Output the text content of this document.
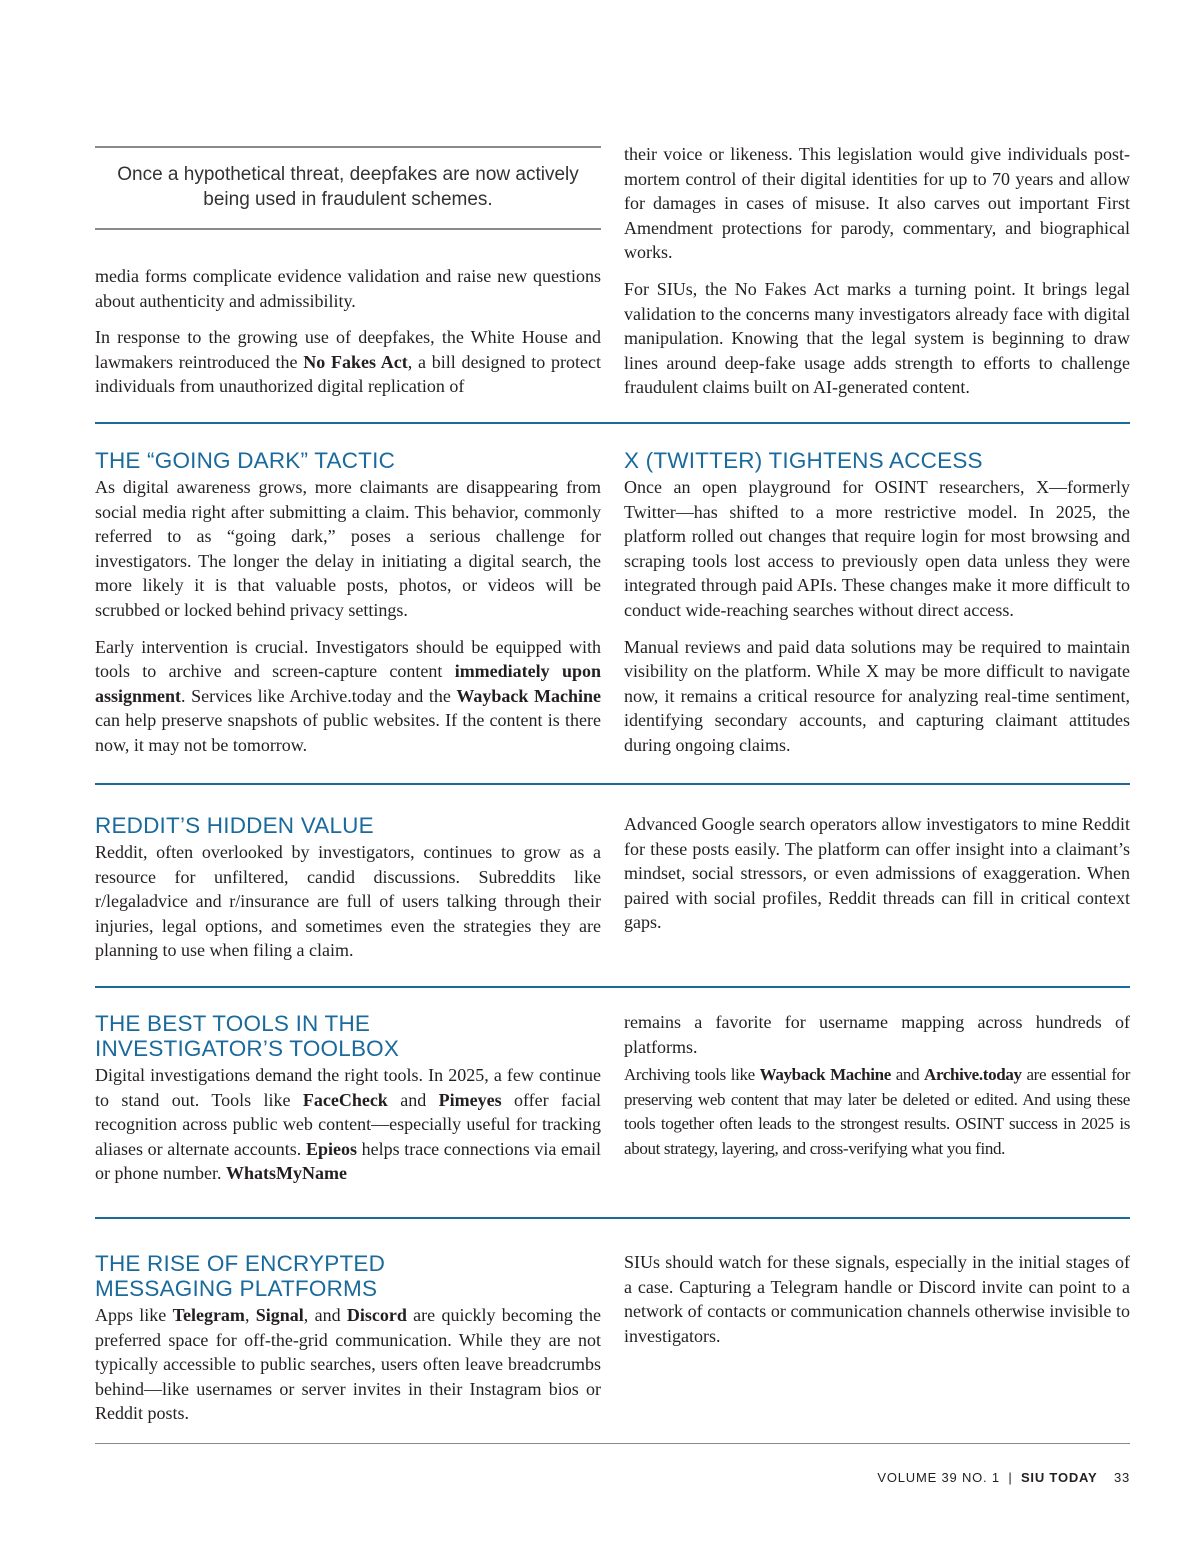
Once a hypothetical threat, deepfakes are now actively being used in fraudulent schemes.

media forms complicate evidence validation and raise new questions about authenticity and admissibility.

In response to the growing use of deepfakes, the White House and lawmakers reintroduced the No Fakes Act, a bill designed to protect individuals from unauthorized digital replication of

their voice or likeness. This legislation would give individuals post-mortem control of their digital identities for up to 70 years and allow for damages in cases of misuse. It also carves out important First Amendment protections for parody, commentary, and biographical works.

For SIUs, the No Fakes Act marks a turning point. It brings legal validation to the concerns many investigators already face with digital manipulation. Knowing that the legal system is beginning to draw lines around deep-fake usage adds strength to efforts to challenge fraudulent claims built on AI-generated content.

THE “GOING DARK” TACTIC

As digital awareness grows, more claimants are disappearing from social media right after submitting a claim. This behavior, commonly referred to as “going dark,” poses a serious challenge for investigators. The longer the delay in initiating a digital search, the more likely it is that valuable posts, photos, or videos will be scrubbed or locked behind privacy settings.

Early intervention is crucial. Investigators should be equipped with tools to archive and screen-capture content immediately upon assignment. Services like Archive.today and the Wayback Machine can help preserve snapshots of public websites. If the content is there now, it may not be tomorrow.

X (TWITTER) TIGHTENS ACCESS

Once an open playground for OSINT researchers, X—formerly Twitter—has shifted to a more restrictive model. In 2025, the platform rolled out changes that require login for most browsing and scraping tools lost access to previously open data unless they were integrated through paid APIs. These changes make it more difficult to conduct wide-reaching searches without direct access.

Manual reviews and paid data solutions may be required to maintain visibility on the platform. While X may be more difficult to navigate now, it remains a critical resource for analyzing real-time sentiment, identifying secondary accounts, and capturing claimant attitudes during ongoing claims.

REDDIT’S HIDDEN VALUE

Reddit, often overlooked by investigators, continues to grow as a resource for unfiltered, candid discussions. Subreddits like r/legaladvice and r/insurance are full of users talking through their injuries, legal options, and sometimes even the strategies they are planning to use when filing a claim.

Advanced Google search operators allow investigators to mine Reddit for these posts easily. The platform can offer insight into a claimant’s mindset, social stressors, or even admissions of exaggeration. When paired with social profiles, Reddit threads can fill in critical context gaps.

THE BEST TOOLS IN THE INVESTIGATOR’S TOOLBOX

Digital investigations demand the right tools. In 2025, a few continue to stand out. Tools like FaceCheck and Pimeyes offer facial recognition across public web content—especially useful for tracking aliases or alternate accounts. Epieos helps trace connections via email or phone number. WhatsMyName

remains a favorite for username mapping across hundreds of platforms.

Archiving tools like Wayback Machine and Archive.today are essential for preserving web content that may later be deleted or edited. And using these tools together often leads to the strongest results. OSINT success in 2025 is about strategy, layering, and cross-verifying what you find.

THE RISE OF ENCRYPTED MESSAGING PLATFORMS

Apps like Telegram, Signal, and Discord are quickly becoming the preferred space for off-the-grid communication. While they are not typically accessible to public searches, users often leave breadcrumbs behind—like usernames or server invites in their Instagram bios or Reddit posts.

SIUs should watch for these signals, especially in the initial stages of a case. Capturing a Telegram handle or Discord invite can point to a network of contacts or communication channels otherwise invisible to investigators.

VOLUME 39 NO. 1 | SIU TODAY 33
